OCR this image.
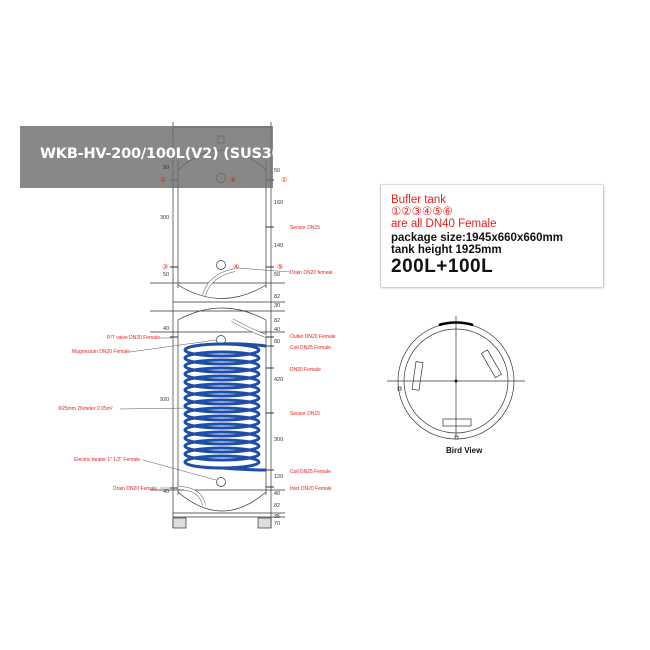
WKB-HV-200/100L(V2) (SUS304-2B)
②	⑥	①
③	④	⑤
Sensor DN15
Drain DN20 female
Outlet DN20 Female
Coil DN25 Female
DN20 Female
Sensor DN15
Coil DN25 Female
Inlet DN20 Female
P/T valve DN20 Female
Magnesium DN20 Female
Φ25mm 26meter 2.05m²
Electric heater 1" 1/2" Female
Drain DN20 Female
50
300
50
40
920
40
50
160
140
50
82
30
82
40
80
420
300
120
40
82
35
70
Bufler tank
①②③④⑤⑥
are all DN40 Female
package size:1945x660x660mm
tank height 1925mm
200L+100L
Bird View
